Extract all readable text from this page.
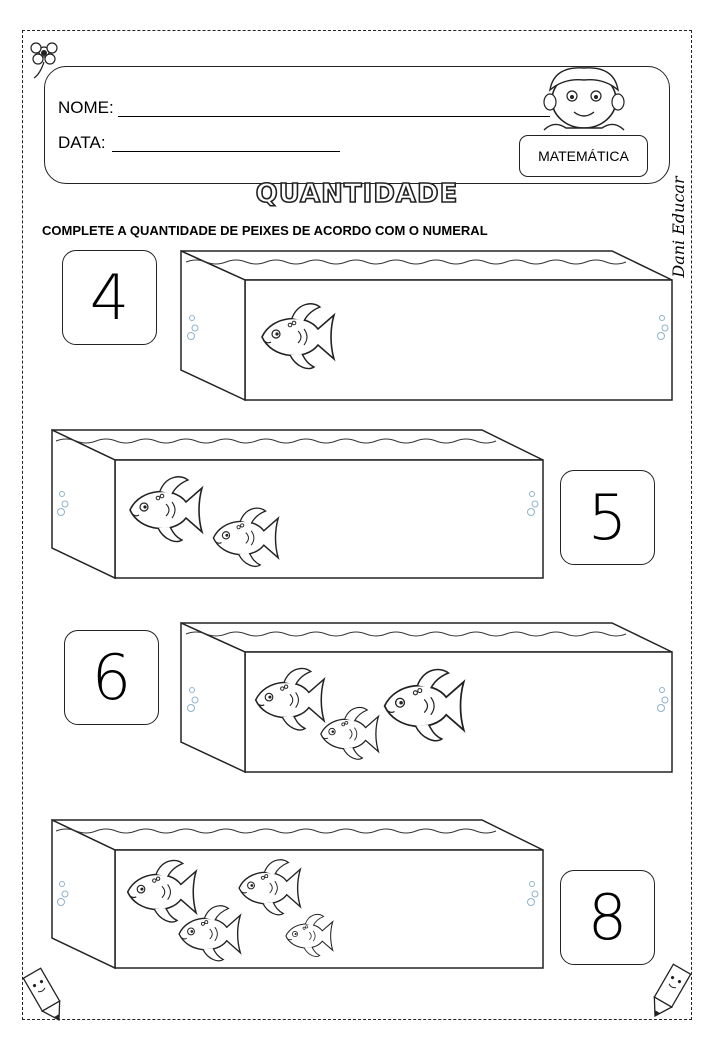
NOME:
DATA:
MATEMÁTICA
QUANTIDADE
COMPLETE A QUANTIDADE DE PEIXES DE ACORDO COM O NUMERAL	Dani Educar
4
5
6
8
